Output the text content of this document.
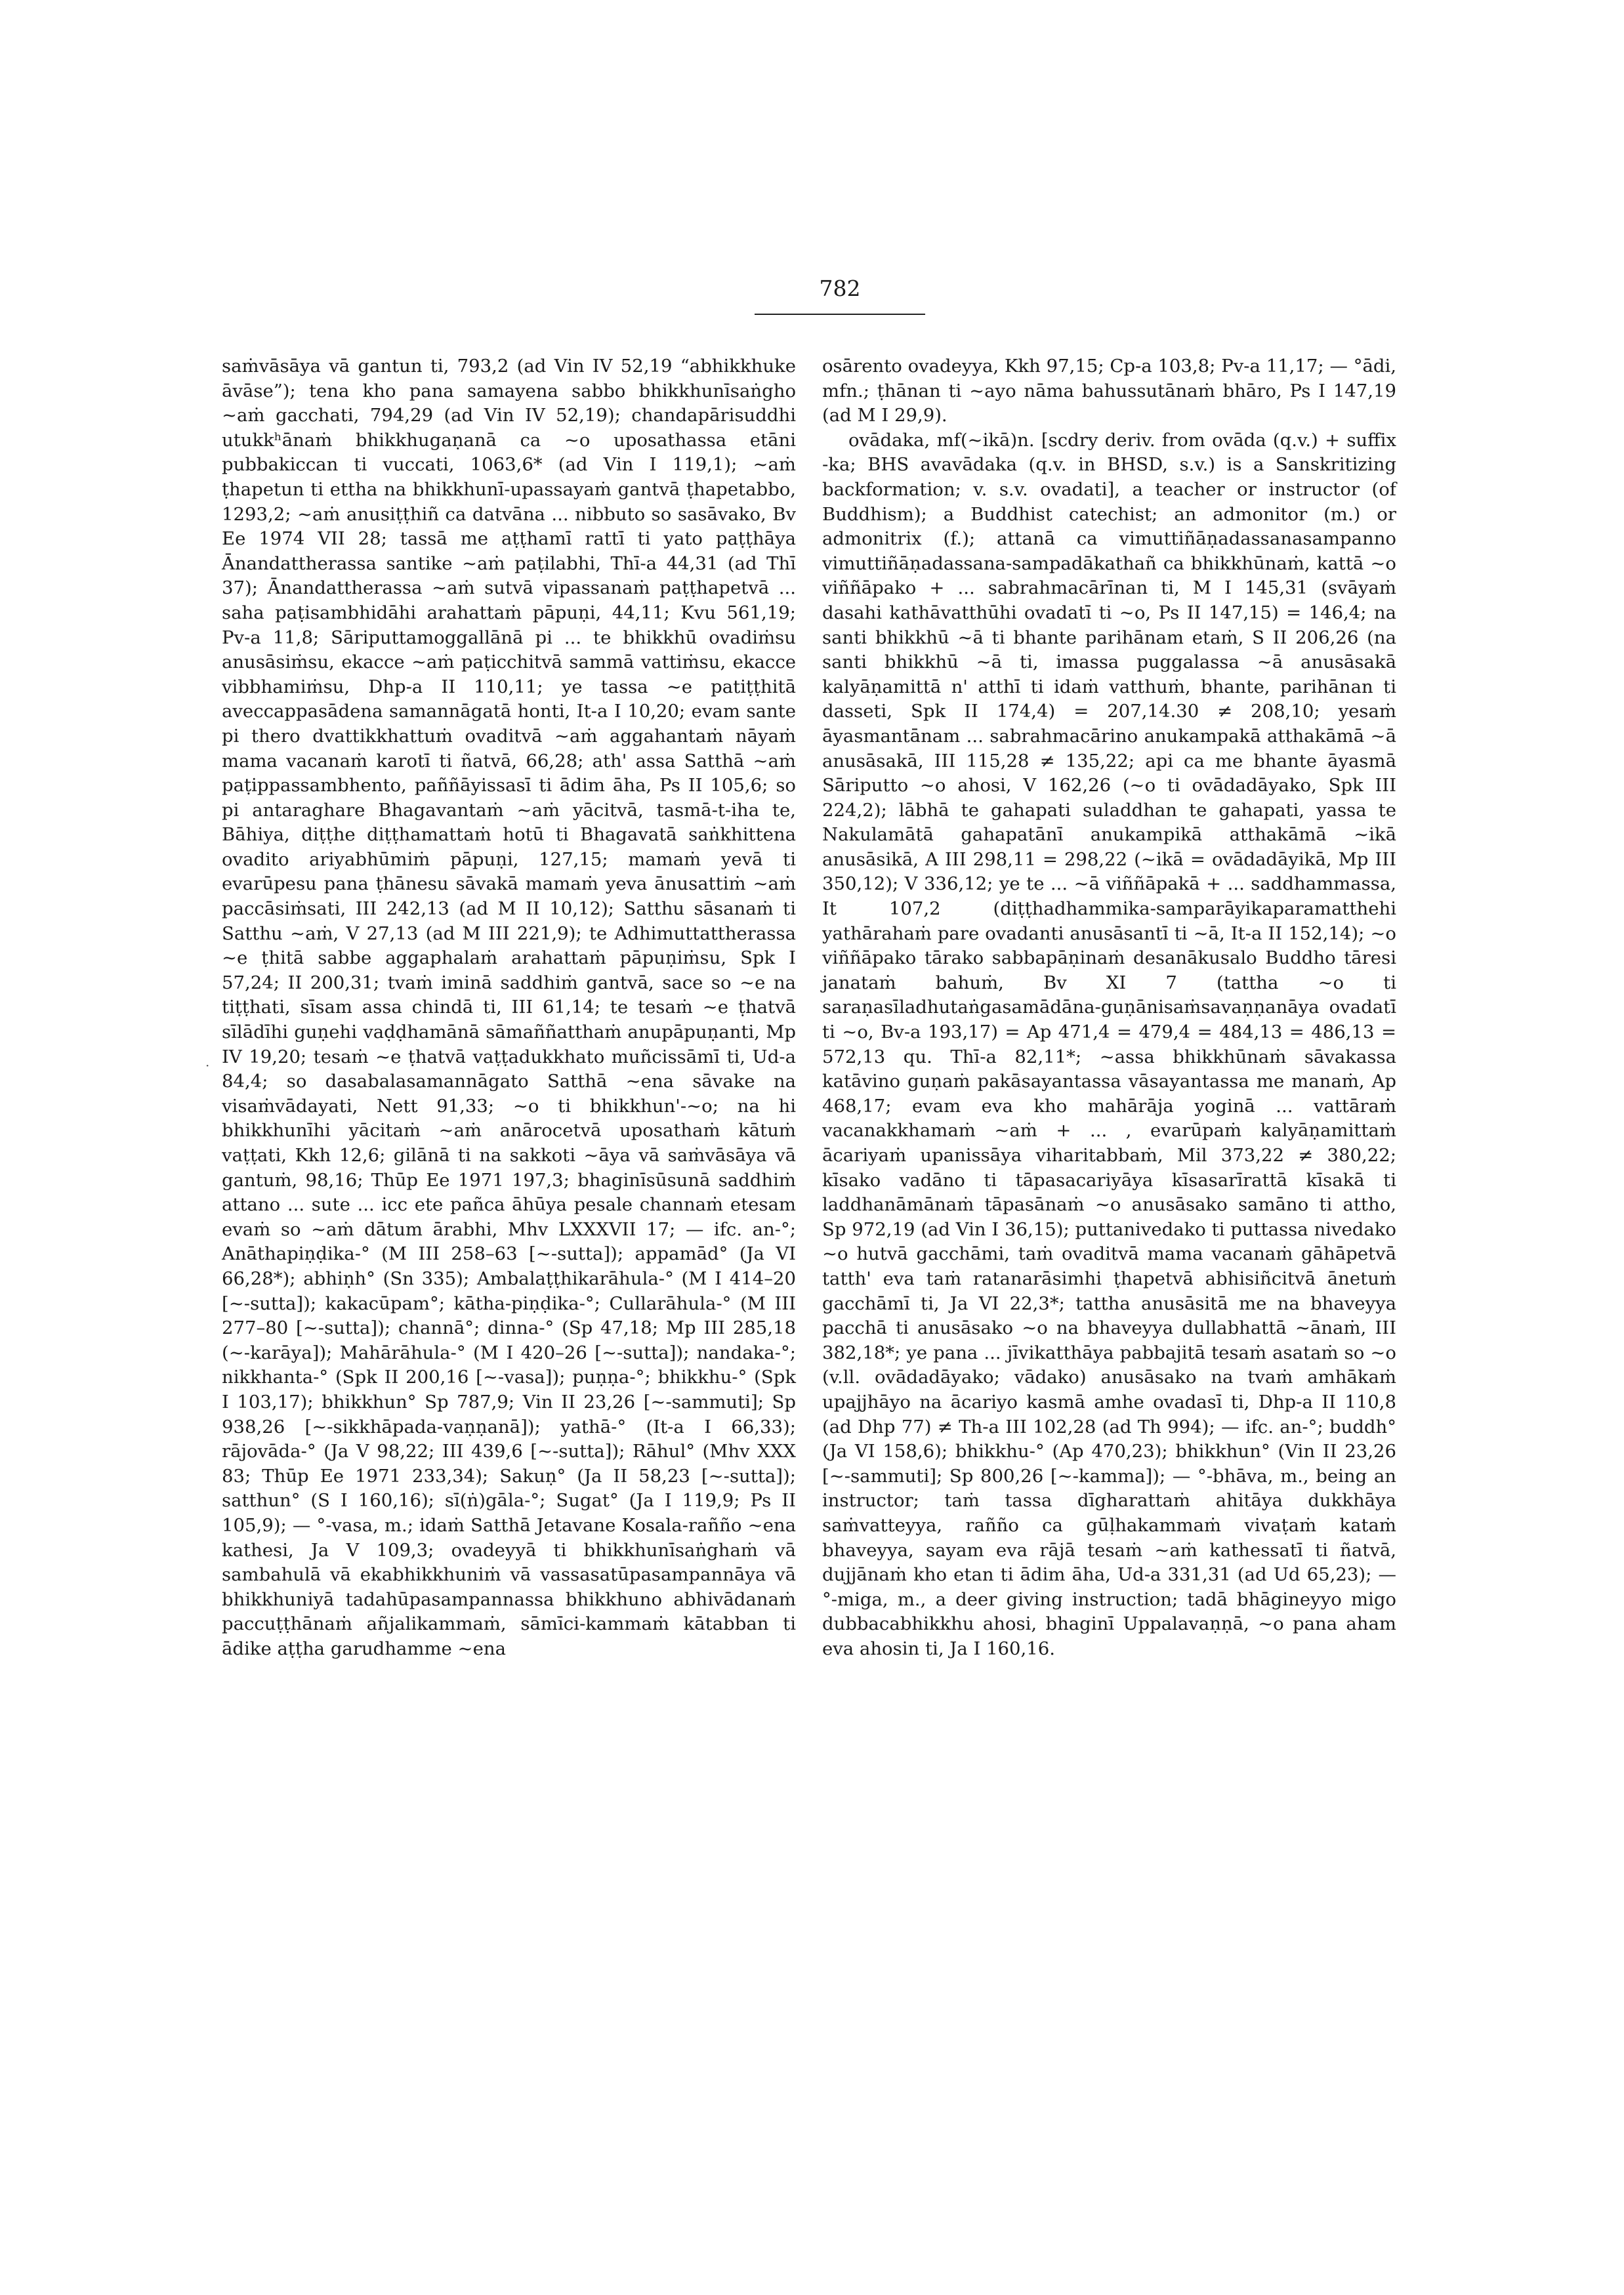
782

saṁvāsāya vā gantun ti, 793,2 (ad Vin IV 52,19 “abhikkhuke āvāse”); tena kho pana samayena sabbo bhikkhunīsaṅgho ~aṁ gacchati, 794,29 (ad Vin IV 52,19); chandapārisuddhi utukkʰānaṁ bhikkhugaṇanā ca ~o uposathassa etāni pubbakiccan ti vuccati, 1063,6* (ad Vin I 119,1); ~aṁ ṭhapetun ti ettha na bhikkhunī-upassayaṁ gantvā ṭhapetabbo, 1293,2; ~aṁ anusiṭṭhiñ ca datvāna ... nibbuto so sasāvako, Bv Ee 1974 VII 28; tassā me aṭṭhamī rattī ti yato paṭṭhāya Ānandattherassa santike ~aṁ paṭilabhi, Thī-a 44,31 (ad Thī 37); Ānandattherassa ~aṁ sutvā vipassanaṁ paṭṭhapetvā ... saha paṭisambhidāhi arahattaṁ pāpuṇi, 44,11; Kvu 561,19; Pv-a 11,8; Sāriputtamoggallānā pi ... te bhikkhū ovadiṁsu anusāsiṁsu, ekacce ~aṁ paṭicchitvā sammā vattiṁsu, ekacce vibbhamiṁsu, Dhp-a II 110,11; ye tassa ~e patiṭṭhitā aveccappasādena samannāgatā honti, It-a I 10,20; evam sante pi thero dvattikkhattuṁ ovaditvā ~aṁ aggahantaṁ nāyaṁ mama vacanaṁ karotī ti ñatvā, 66,28; ath' assa Satthā ~aṁ paṭippassambhento, paññāyissasī ti ādim āha, Ps II 105,6; so pi antaraghare Bhagavantaṁ ~aṁ yācitvā, tasmā-t-iha te, Bāhiya, diṭṭhe diṭṭhamattaṁ hotū ti Bhagavatā saṅkhittena ovadito ariyabhūmiṁ pāpuṇi, 127,15; mamaṁ yevā ti evarūpesu pana ṭhānesu sāvakā mamaṁ yeva ānusattiṁ ~aṁ paccāsiṁsati, III 242,13 (ad M II 10,12); Satthu sāsanaṁ ti Satthu ~aṁ, V 27,13 (ad M III 221,9); te Adhimuttattherassa ~e ṭhitā sabbe aggaphalaṁ arahattaṁ pāpuṇiṁsu, Spk I 57,24; II 200,31; tvaṁ iminā saddhiṁ gantvā, sace so ~e na tiṭṭhati, sīsam assa chindā ti, III 61,14; te tesaṁ ~e ṭhatvā sīlādīhi guṇehi vaḍḍhamānā sāmaññatthaṁ anupāpuṇanti, Mp IV 19,20; tesaṁ ~e ṭhatvā vaṭṭadukkhato muñcissāmī ti, Ud-a 84,4; so dasabalasamannāgato Satthā ~ena sāvake na visaṁvādayati, Nett 91,33; ~o ti bhikkhun'-~o; na hi bhikkhunīhi yācitaṁ ~aṁ anārocetvā uposathaṁ kātuṁ vaṭṭati, Kkh 12,6; gilānā ti na sakkoti ~āya vā saṁvāsāya vā gantuṁ, 98,16; Thūp Ee 1971 197,3; bhaginīsūsunā saddhiṁ attano ... sute ... icc ete pañca āhūya pesale channaṁ etesam evaṁ so ~aṁ dātum ārabhi, Mhv LXXXVII 17; — ifc. an-°; Anāthapiṇḍika-° (M III 258–63 [~-sutta]); appamād° (Ja VI 66,28*); abhiṇh° (Sn 335); Ambalaṭṭhikarāhula-° (M I 414–20 [~-sutta]); kakacūpam°; kātha-piṇḍika-°; Cullarāhula-° (M III 277–80 [~-sutta]); channā°; dinna-° (Sp 47,18; Mp III 285,18 (~-karāya]); Mahārāhula-° (M I 420–26 [~-sutta]); nandaka-°; nikkhanta-° (Spk II 200,16 [~-vasa]); puṇṇa-°; bhikkhu-° (Spk I 103,17); bhikkhun° Sp 787,9; Vin II 23,26 [~-sammuti]; Sp 938,26 [~-sikkhāpada-vaṇṇanā]); yathā-° (It-a I 66,33); rājovāda-° (Ja V 98,22; III 439,6 [~-sutta]); Rāhul° (Mhv XXX 83; Thūp Ee 1971 233,34); Sakuṇ° (Ja II 58,23 [~-sutta]); satthun° (S I 160,16); sī(ṅ)gāla-°; Sugat° (Ja I 119,9; Ps II 105,9); — °-vasa, m.; idaṁ Satthā Jetavane Kosala-rañño ~ena kathesi, Ja V 109,3; ovadeyyā ti bhikkhunīsaṅghaṁ vā sambahulā vā ekabhikkhuniṁ vā vassasatūpasampannāya vā bhikkhuniyā tadahūpasampannassa bhikkhuno abhivādanaṁ paccuṭṭhānaṁ añjalikammaṁ, sāmīci-kammaṁ kātabban ti ādike aṭṭha garudhamme ~ena

osārento ovadeyya, Kkh 97,15; Cp-a 103,8; Pv-a 11,17; — °ādi, mfn.; ṭhānan ti ~ayo nāma bahussutānaṁ bhāro, Ps I 147,19 (ad M I 29,9).

ovādaka, mf(~ikā)n. [scdry deriv. from ovāda (q.v.) + suffix -ka; BHS avavādaka (q.v. in BHSD, s.v.) is a Sanskritizing backformation; v. s.v. ovadati], a teacher or instructor (of Buddhism); a Buddhist catechist; an admonitor (m.) or admonitrix (f.); attanā ca vimuttiñāṇadassanasampanno vimuttiñāṇadassana-sampadākathañ ca bhikkhūnaṁ, kattā ~o viññāpako + ... sabrahmacārīnan ti, M I 145,31 (svāyaṁ dasahi kathāvatthūhi ovadatī ti ~o, Ps II 147,15) = 146,4; na santi bhikkhū ~ā ti bhante parihānam etaṁ, S II 206,26 (na santi bhikkhū ~ā ti, imassa puggalassa ~ā anusāsakā kalyāṇamittā n' atthī ti idaṁ vatthuṁ, bhante, parihānan ti dasseti, Spk II 174,4) = 207,14.30 ≠ 208,10; yesaṁ āyasmantānam ... sabrahmacārino anukampakā atthakāmā ~ā anusāsakā, III 115,28 ≠ 135,22; api ca me bhante āyasmā Sāriputto ~o ahosi, V 162,26 (~o ti ovādadāyako, Spk III 224,2); lābhā te gahapati suladdhan te gahapati, yassa te Nakulamātā gahapatānī anukampikā atthakāmā ~ikā anusāsikā, A III 298,11 = 298,22 (~ikā = ovādadāyikā, Mp III 350,12); V 336,12; ye te ... ~ā viññāpakā + ... saddhammassa, It 107,2 (diṭṭhadhammika-samparāyikaparamatthehi yathārahaṁ pare ovadanti anusāsantī ti ~ā, It-a II 152,14); ~o viññāpako tārako sabbapāṇinaṁ desanākusalo Buddho tāresi janataṁ bahuṁ, Bv XI 7 (tattha ~o ti saraṇasīladhutaṅgasamādāna-guṇānisaṁsavaṇṇanāya ovadatī ti ~o, Bv-a 193,17) = Ap 471,4 = 479,4 = 484,13 = 486,13 = 572,13 qu. Thī-a 82,11*; ~assa bhikkhūnaṁ sāvakassa katāvino guṇaṁ pakāsayantassa vāsayantassa me manaṁ, Ap 468,17; evam eva kho mahārāja yoginā ... vattāraṁ vacanakkhamaṁ ~aṁ + ... , evarūpaṁ kalyāṇamittaṁ ācariyaṁ upanissāya viharitabbaṁ, Mil 373,22 ≠ 380,22; kīsako vadāno ti tāpasacariyāya kīsasarīrattā kīsakā ti laddhanāmānaṁ tāpasānaṁ ~o anusāsako samāno ti attho, Sp 972,19 (ad Vin I 36,15); puttanivedako ti puttassa nivedako ~o hutvā gacchāmi, taṁ ovaditvā mama vacanaṁ gāhāpetvā tatth' eva taṁ ratanarāsimhi ṭhapetvā abhisiñcitvā ānetuṁ gacchāmī ti, Ja VI 22,3*; tattha anusāsitā me na bhaveyya pacchā ti anusāsako ~o na bhaveyya dullabhattā ~ānaṁ, III 382,18*; ye pana ... jīvikatthāya pabbajitā tesaṁ asataṁ so ~o (v.ll. ovādadāyako; vādako) anusāsako na tvaṁ amhākaṁ upajjhāyo na ācariyo kasmā amhe ovadasī ti, Dhp-a II 110,8 (ad Dhp 77) ≠ Th-a III 102,28 (ad Th 994); — ifc. an-°; buddh° (Ja VI 158,6); bhikkhu-° (Ap 470,23); bhikkhun° (Vin II 23,26 [~-sammuti]; Sp 800,26 [~-kamma]); — °-bhāva, m., being an instructor; taṁ tassa dīgharattaṁ ahitāya dukkhāya saṁvatteyya, rañño ca gūḷhakammaṁ vivaṭaṁ kataṁ bhaveyya, sayam eva rājā tesaṁ ~aṁ kathessatī ti ñatvā, dujjānaṁ kho etan ti ādim āha, Ud-a 331,31 (ad Ud 65,23); — °-miga, m., a deer giving instruction; tadā bhāgineyyo migo dubbacabhikkhu ahosi, bhaginī Uppalavaṇṇā, ~o pana aham eva ahosin ti, Ja I 160,16.

·
